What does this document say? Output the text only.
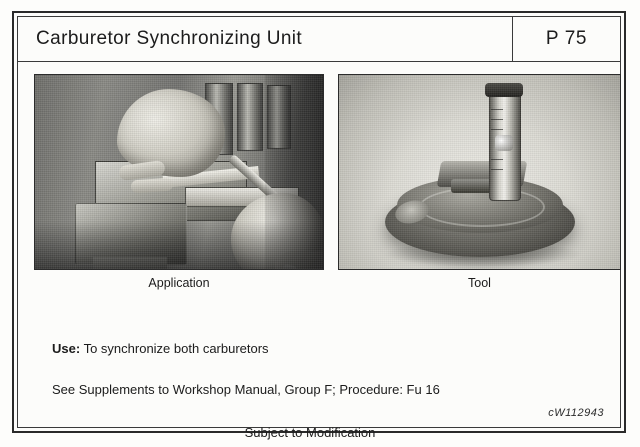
Carburetor Synchronizing Unit	P 75
Application	Tool
Use: To synchronize both carburetors
See Supplements to Workshop Manual, Group F; Procedure: Fu 16
Subject to Modification
cW112943
